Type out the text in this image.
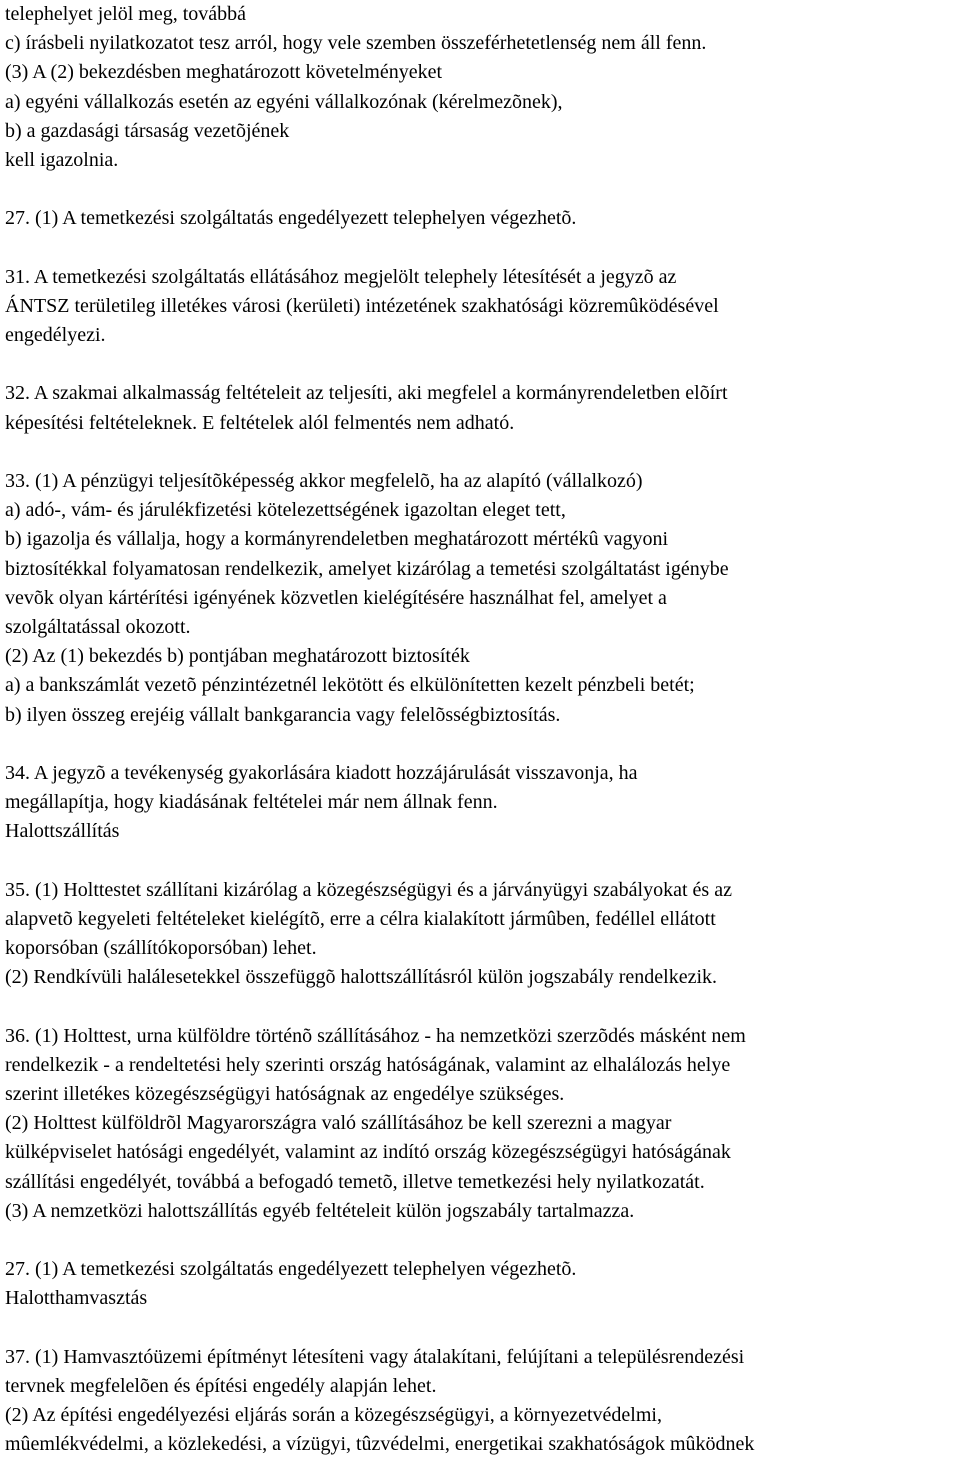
telephelyet jelöl meg, továbbá
c) írásbeli nyilatkozatot tesz arról, hogy vele szemben összeférhetetlenség nem áll fenn.
(3) A (2) bekezdésben meghatározott követelményeket
a) egyéni vállalkozás esetén az egyéni vállalkozónak (kérelmezõnek),
b) a gazdasági társaság vezetõjének
kell igazolnia.
27. (1) A temetkezési szolgáltatás engedélyezett telephelyen végezhetõ.
31. A temetkezési szolgáltatás ellátásához megjelölt telephely létesítését a jegyzõ az
ÁNTSZ területileg illetékes városi (kerületi) intézetének szakhatósági közremûködésével
engedélyezi.
32. A szakmai alkalmasság feltételeit az teljesíti, aki megfelel a kormányrendeletben elõírt
képesítési feltételeknek. E feltételek alól felmentés nem adható.
33. (1) A pénzügyi teljesítõképesség akkor megfelelõ, ha az alapító (vállalkozó)
a) adó-, vám- és járulékfizetési kötelezettségének igazoltan eleget tett,
b) igazolja és vállalja, hogy a kormányrendeletben meghatározott mértékû vagyoni
biztosítékkal folyamatosan rendelkezik, amelyet kizárólag a temetési szolgáltatást igénybe
vevõk olyan kártérítési igényének közvetlen kielégítésére használhat fel, amelyet a
szolgáltatással okozott.
(2) Az (1) bekezdés b) pontjában meghatározott biztosíték
a) a bankszámlát vezetõ pénzintézetnél lekötött és elkülönítetten kezelt pénzbeli betét;
b) ilyen összeg erejéig vállalt bankgarancia vagy felelõsségbiztosítás.
34. A jegyzõ a tevékenység gyakorlására kiadott hozzájárulását visszavonja, ha
megállapítja, hogy kiadásának feltételei már nem állnak fenn.
Halottszállítás
35. (1) Holttestet szállítani kizárólag a közegészségügyi és a járványügyi szabályokat és az
alapvetõ kegyeleti feltételeket kielégítõ, erre a célra kialakított jármûben, fedéllel ellátott
koporsóban (szállítókoporsóban) lehet.
(2) Rendkívüli halálesetekkel összefüggõ halottszállításról külön jogszabály rendelkezik.
36. (1) Holttest, urna külföldre történõ szállításához - ha nemzetközi szerzõdés másként nem
rendelkezik - a rendeltetési hely szerinti ország hatóságának, valamint az elhalálozás helye
szerint illetékes közegészségügyi hatóságnak az engedélye szükséges.
(2) Holttest külföldrõl Magyarországra való szállításához be kell szerezni a magyar
külképviselet hatósági engedélyét, valamint az indító ország közegészségügyi hatóságának
szállítási engedélyét, továbbá a befogadó temetõ, illetve temetkezési hely nyilatkozatát.
(3) A nemzetközi halottszállítás egyéb feltételeit külön jogszabály tartalmazza.
27. (1) A temetkezési szolgáltatás engedélyezett telephelyen végezhetõ.
Halotthamvasztás
37. (1) Hamvasztóüzemi építményt létesíteni vagy átalakítani, felújítani a településrendezési
tervnek megfelelõen és építési engedély alapján lehet.
(2) Az építési engedélyezési eljárás során a közegészségügyi, a környezetvédelmi,
mûemlékvédelmi, a közlekedési, a vízügyi, tûzvédelmi, energetikai szakhatóságok mûködnek
